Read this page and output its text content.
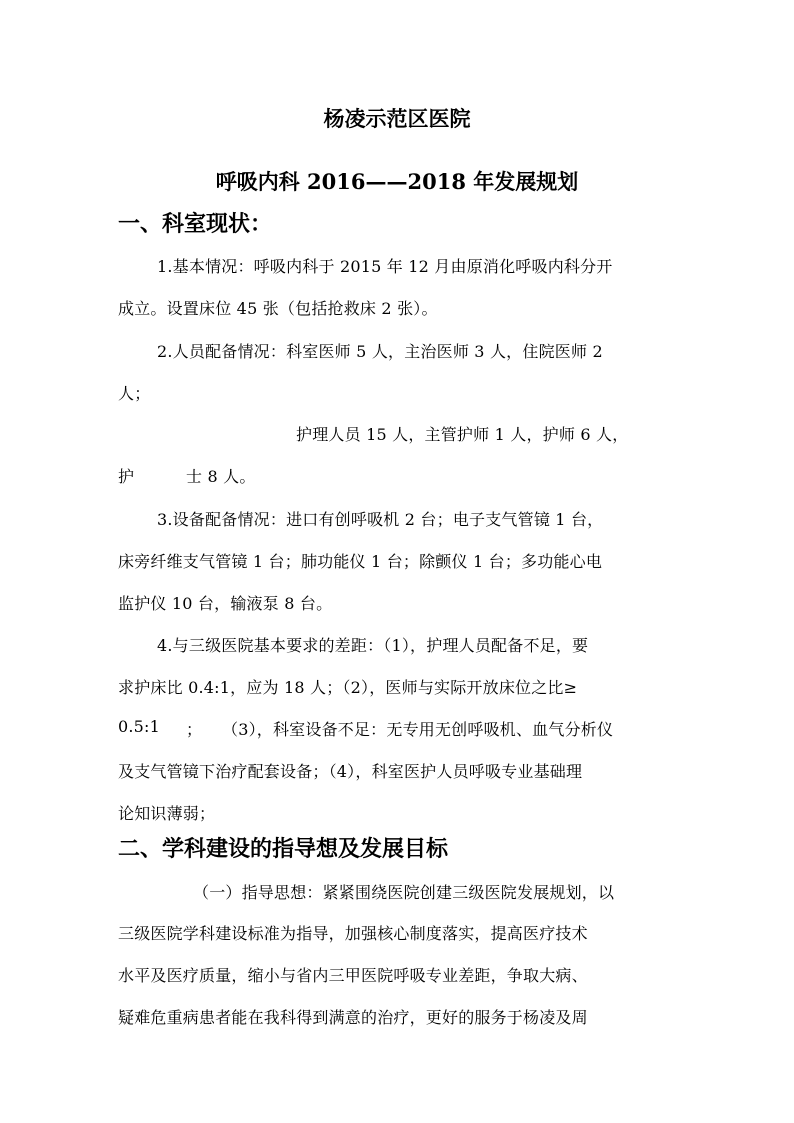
杨凌示范区医院
呼吸内科 2016——2018 年发展规划
一、科室现状：
1.基本情况：呼吸内科于 2015 年 12 月由原消化呼吸内科分开
成立。设置床位 45 张（包括抢救床 2 张）。
2.人员配备情况：科室医师 5 人，主治医师 3 人，住院医师 2
人；
护理人员 15 人，主管护师 1 人，护师 6 人，
护	士 8 人。
3.设备配备情况：进口有创呼吸机 2 台；电子支气管镜 1 台，
床旁纤维支气管镜 1 台；肺功能仪 1 台；除颤仪 1 台；多功能心电
监护仪 10 台，输液泵 8 台。
4.与三级医院基本要求的差距：（1），护理人员配备不足，要
求护床比 0.4:1，应为 18 人；（2），医师与实际开放床位之比≥
0.5:1 ； （3），科室设备不足：无专用无创呼吸机、血气分析仪
及支气管镜下治疗配套设备；（4），科室医护人员呼吸专业基础理
论知识薄弱；
二、学科建设的指导想及发展目标
（一）指导思想：紧紧围绕医院创建三级医院发展规划，以
三级医院学科建设标准为指导，加强核心制度落实，提高医疗技术
水平及医疗质量，缩小与省内三甲医院呼吸专业差距，争取大病、
疑难危重病患者能在我科得到满意的治疗，更好的服务于杨凌及周
